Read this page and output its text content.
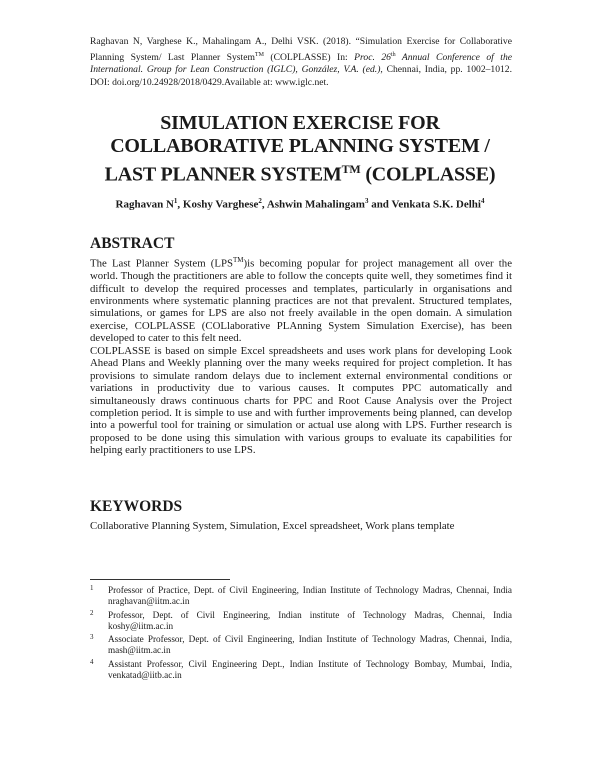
Raghavan N, Varghese K., Mahalingam A., Delhi VSK. (2018). “Simulation Exercise for Collaborative Planning System/ Last Planner System™ (COLPLASSE) In: Proc. 26th Annual Conference of the International. Group for Lean Construction (IGLC), González, V.A. (ed.), Chennai, India, pp. 1002–1012. DOI: doi.org/10.24928/2018/0429.Available at: www.iglc.net.
SIMULATION EXERCISE FOR
COLLABORATIVE PLANNING SYSTEM /
LAST PLANNER SYSTEM™ (COLPLASSE)
Raghavan $N^1$, Koshy Varghese$^2$, Ashwin Mahalingam$^3$ and Venkata S.K. Delhi$^4$
ABSTRACT

The Last Planner System (LPS™)is becoming popular for project management all over the world. Though the practitioners are able to follow the concepts quite well, they sometimes find it difficult to develop the required processes and templates, particularly in organisations and environments where systematic planning practices are not that prevalent. Structured templates, simulations, or games for LPS are also not freely available in the open domain. A simulation exercise, COLPLASSE (COLlaborative PLAnning System Simulation Exercise), has been developed to cater to this felt need.

COLPLASSE is based on simple Excel spreadsheets and uses work plans for developing Look Ahead Plans and Weekly planning over the many weeks required for project completion. It has provisions to simulate random delays due to inclement external environmental conditions or variations in productivity due to various causes. It computes PPC automatically and simultaneously draws continuous charts for PPC and Root Cause Analysis over the Project completion period. It is simple to use and with further improvements being planned, can develop into a powerful tool for training or simulation or actual use along with LPS. Further research is proposed to be done using this simulation with various groups to evaluate its capabilities for helping early practitioners to use LPS.

KEYWORDS
Collaborative Planning System, Simulation, Excel spreadsheet, Work plans template
1 Professor of Practice, Dept. of Civil Engineering, Indian Institute of Technology Madras, Chennai, India nraghavan@iitm.ac.in
2 Professor, Dept. of Civil Engineering, Indian institute of Technology Madras, Chennai, India koshy@iitm.ac.in
3 Associate Professor, Dept. of Civil Engineering, Indian Institute of Technology Madras, Chennai, India, mash@iitm.ac.in
4 Assistant Professor, Civil Engineering Dept., Indian Institute of Technology Bombay, Mumbai, India, venkatad@iitb.ac.in
